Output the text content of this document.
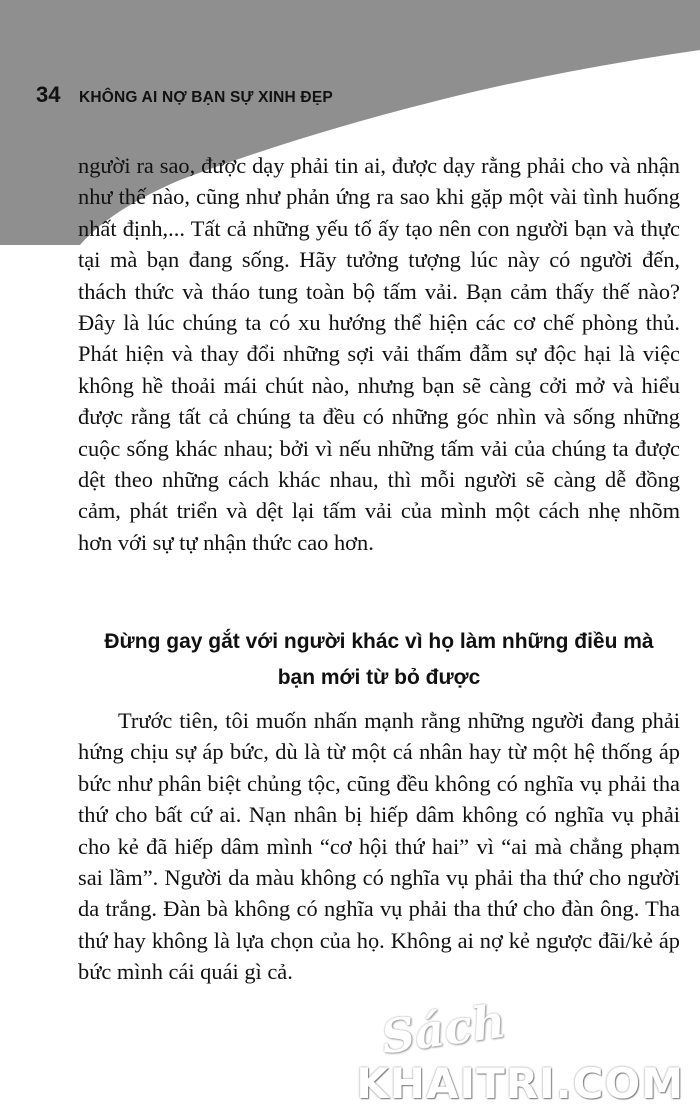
34 KHÔNG AI NỢ BẠN SỰ XINH ĐẸP
người ra sao, được dạy phải tin ai, được dạy rằng phải cho và nhận như thế nào, cũng như phản ứng ra sao khi gặp một vài tình huống nhất định,... Tất cả những yếu tố ấy tạo nên con người bạn và thực tại mà bạn đang sống. Hãy tưởng tượng lúc này có người đến, thách thức và tháo tung toàn bộ tấm vải. Bạn cảm thấy thế nào? Đây là lúc chúng ta có xu hướng thể hiện các cơ chế phòng thủ. Phát hiện và thay đổi những sợi vải thấm đẫm sự độc hại là việc không hề thoải mái chút nào, nhưng bạn sẽ càng cởi mở và hiểu được rằng tất cả chúng ta đều có những góc nhìn và sống những cuộc sống khác nhau; bởi vì nếu những tấm vải của chúng ta được dệt theo những cách khác nhau, thì mỗi người sẽ càng dễ đồng cảm, phát triển và dệt lại tấm vải của mình một cách nhẹ nhõm hơn với sự tự nhận thức cao hơn.
Đừng gay gắt với người khác vì họ làm những điều mà
bạn mới từ bỏ được
Trước tiên, tôi muốn nhấn mạnh rằng những người đang phải hứng chịu sự áp bức, dù là từ một cá nhân hay từ một hệ thống áp bức như phân biệt chủng tộc, cũng đều không có nghĩa vụ phải tha thứ cho bất cứ ai. Nạn nhân bị hiếp dâm không có nghĩa vụ phải cho kẻ đã hiếp dâm mình “cơ hội thứ hai” vì “ai mà chẳng phạm sai lầm”. Người da màu không có nghĩa vụ phải tha thứ cho người da trắng. Đàn bà không có nghĩa vụ phải tha thứ cho đàn ông. Tha thứ hay không là lựa chọn của họ. Không ai nợ kẻ ngược đãi/kẻ áp bức mình cái quái gì cả.
Sách
KHAITRI.COM
